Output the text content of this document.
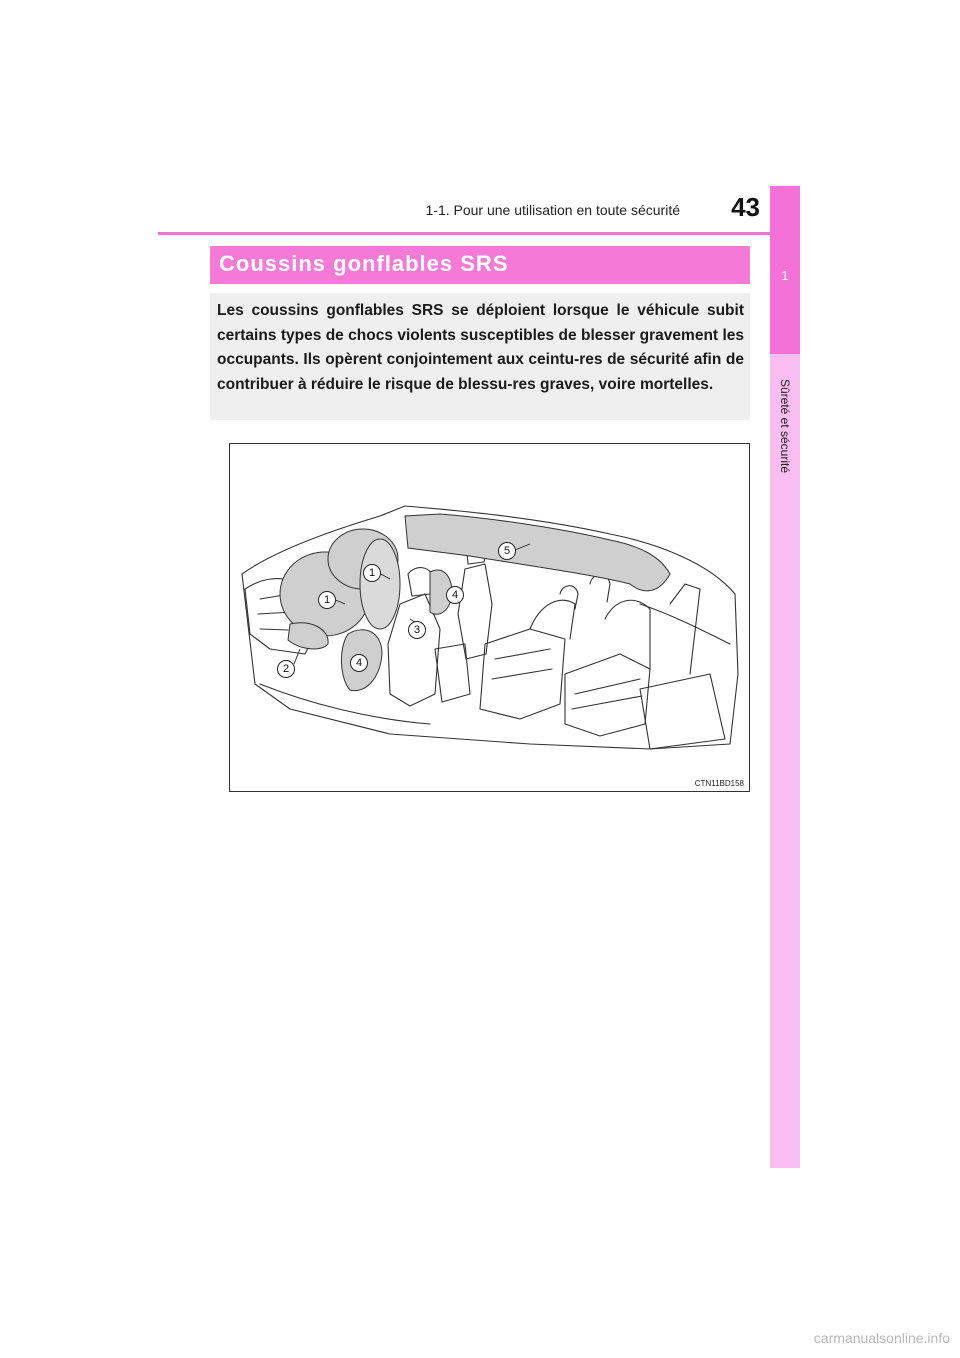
1-1. Pour une utilisation en toute sécurité	43
1
Sûreté et sécurité
Coussins gonflables SRS

Les coussins gonflables SRS se déploient lorsque le véhicule subit certains types de chocs violents susceptibles de blesser gravement les occupants. Ils opèrent conjointement aux ceintu-res de sécurité afin de contribuer à réduire le risque de blessu-res graves, voire mortelles.

1
1
2
3
4
4
5
CTN11BD158
carmanualsonline.info
